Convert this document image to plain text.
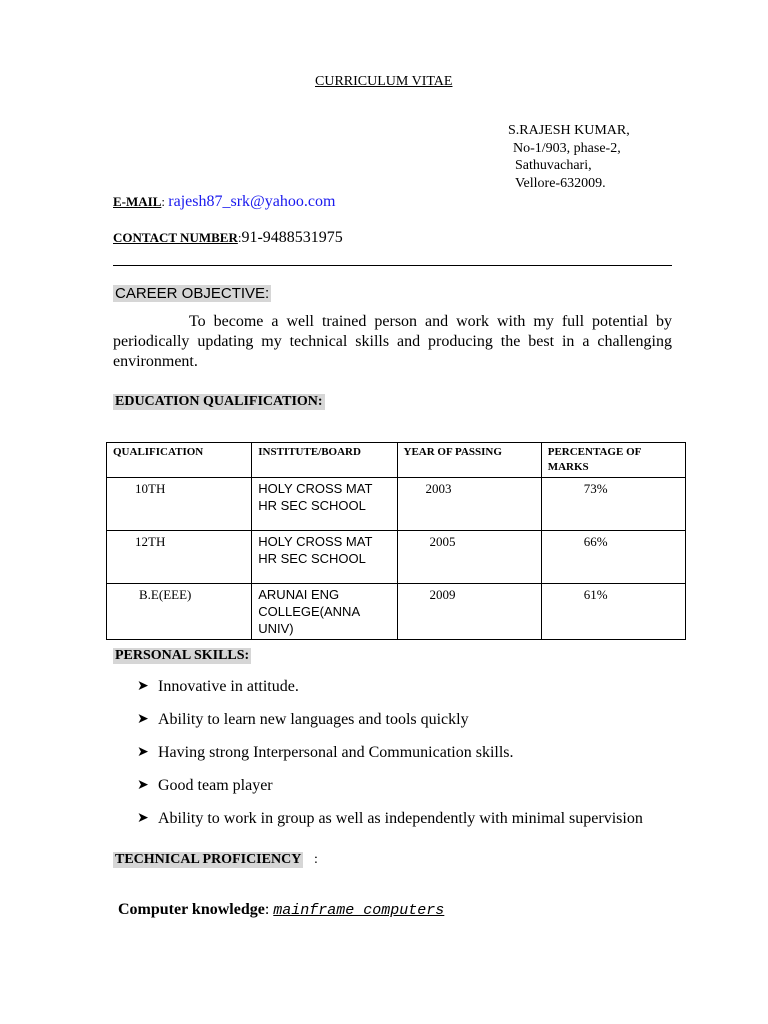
CURRICULUM VITAE
S.RAJESH KUMAR,
No-1/903, phase-2,
Sathuvachari,
Vellore-632009.
E-MAIL: rajesh87_srk@yahoo.com
CONTACT NUMBER:91-9488531975
CAREER OBJECTIVE:
To become a well trained person and work with my full potential by periodically updating my technical skills and producing the best in a challenging environment.
EDUCATION QUALIFICATION:
QUALIFICATION	INSTITUTE/BOARD	YEAR OF PASSING	PERCENTAGE OF MARKS
10TH	HOLY CROSS MAT HR SEC SCHOOL	2003	73%
12TH	HOLY CROSS MAT HR SEC SCHOOL	2005	66%
B.E(EEE)	ARUNAI ENG COLLEGE(ANNA UNIV)	2009	61%
PERSONAL SKILLS:
➤ Innovative in attitude.
➤ Ability to learn new languages and tools quickly
➤ Having strong Interpersonal and Communication skills.
➤ Good team player
➤ Ability to work in group as well as independently with minimal supervision
TECHNICAL PROFICIENCY :
Computer knowledge: mainframe computers
